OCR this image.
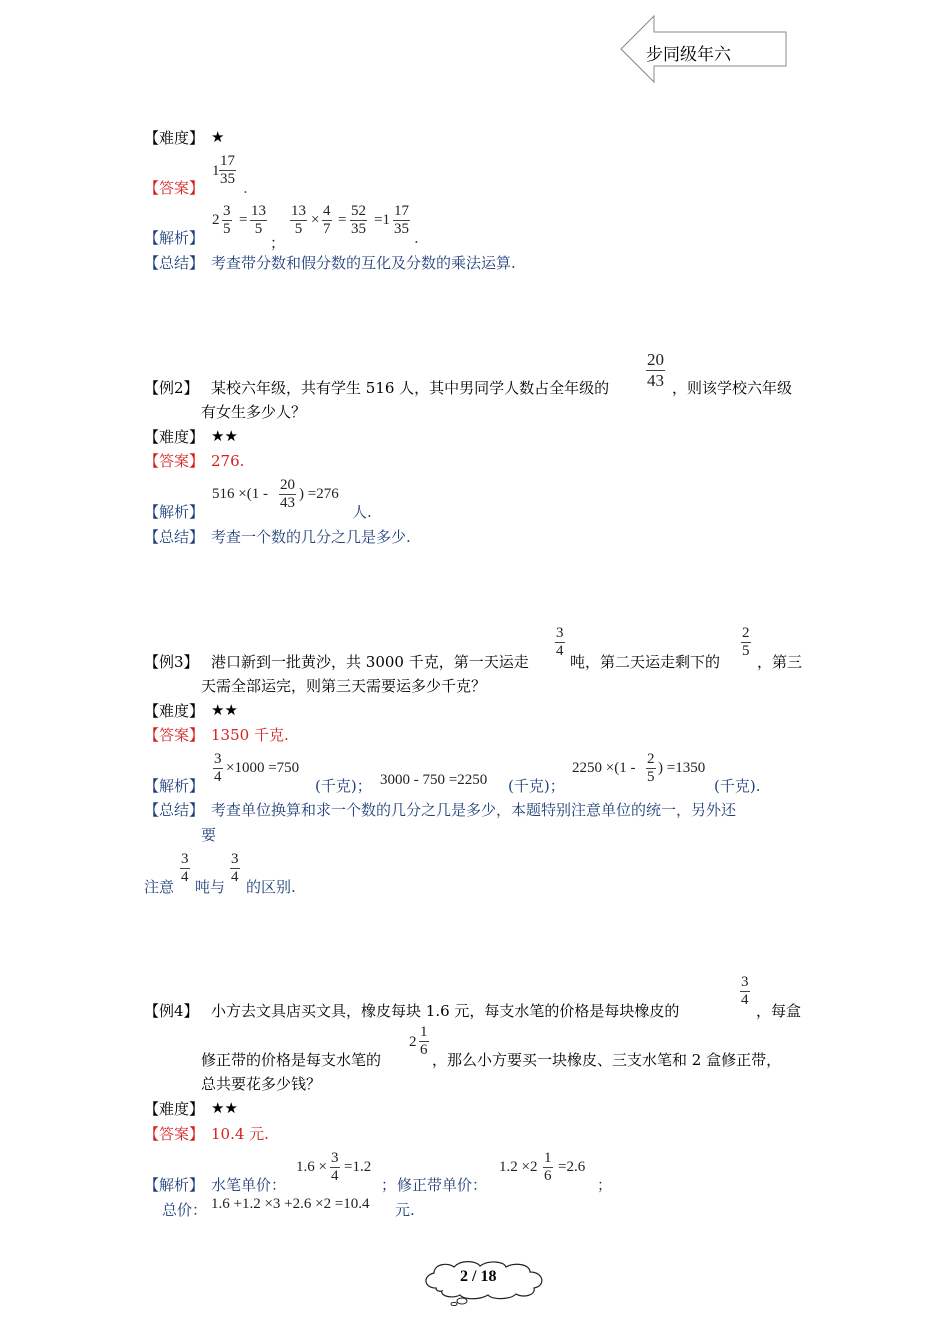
步同级年六
【难度】 ★
【答案】
1
17
35 .
【解析】
2
3
5
=
13
5
；
13
5
×
4
7
=
52
35
=1
17
35 .
【总结】 考查带分数和假分数的互化及分数的乘法运算.
20
43
【例2】 某校六年级，共有学生 516 人，其中男同学人数占全年级的	，则该学校六年级
有女生多少人？
【难度】 ★★
【答案】 276.
【解析】
516 ×(1 -
20
43
) =276
人.
【总结】 考查一个数的几分之几是多少.
3
4
2
5
【例3】 港口新到一批黄沙，共 3000 千克，第一天运走	吨，第二天运走剩下的 ，第三
天需全部运完，则第三天需要运多少千克？
【难度】 ★★
【答案】 1350 千克.
【解析】
3
4
×1000 =750
(千克)； 3000 - 750 =2250 (千克)；
2250 ×(1 -
2
5
) =1350
(千克).
【总结】 考查单位换算和求一个数的几分之几是多少，本题特别注意单位的统一，另外还
要
注意
3
4
吨与
3
4
的区别.
3
4
【例4】 小方去文具店买文具，橡皮每块 1.6 元，每支水笔的价格是每块橡皮的	，每盒
2
1
6
修正带的价格是每支水笔的	，那么小方要买一块橡皮、三支水笔和 2 盒修正带，
总共要花多少钱？
【难度】 ★★
【答案】 10.4 元.
【解析】 水笔单价：
1.6 ×
3
4
=1.2
； 修正带单价：
1.2 ×2
1
6
=2.6
；
总价： 1.6 +1.2 ×3 +2.6 ×2 =10.4 元.
2 / 18
